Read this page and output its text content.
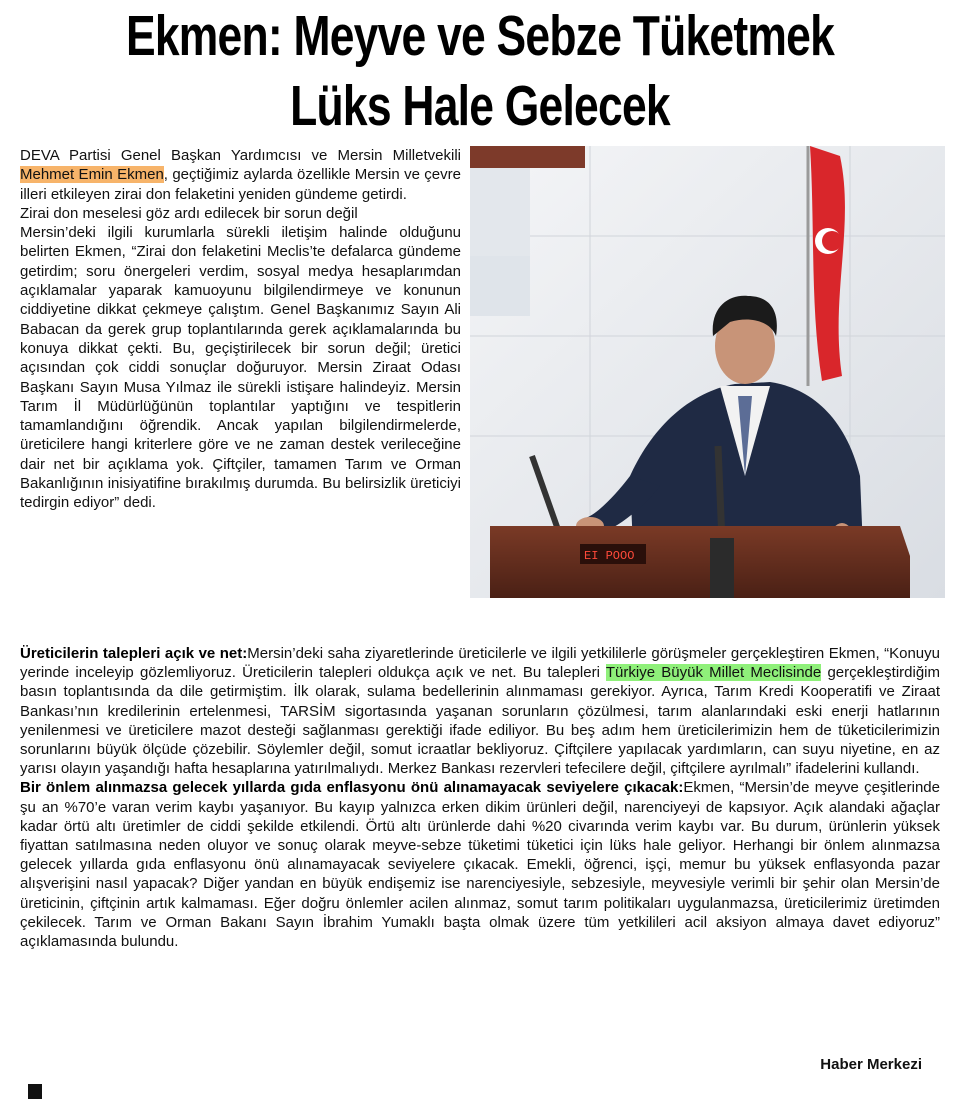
Ekmen: Meyve ve Sebze Tüketmek
Lüks Hale Gelecek

DEVA Partisi Genel Başkan Yardımcısı ve Mersin Milletvekili Mehmet Emin Ekmen, geçtiğimiz aylarda özellikle Mersin ve çevre illeri etkileyen zirai don felaketini yeniden gündeme getirdi.

Zirai don meselesi göz ardı edilecek bir sorun değil

Mersin’deki ilgili kurumlarla sürekli iletişim halinde olduğunu belirten Ekmen, “Zirai don felaketini Meclis’te defalarca gündeme getirdim; soru önergeleri verdim, sosyal medya hesaplarımdan açıklamalar yaparak kamuoyunu bilgilendirmeye ve konunun ciddiyetine dikkat çekmeye çalıştım. Genel Başkanımız Sayın Ali Babacan da gerek grup toplantılarında gerek açıklamalarında bu konuya dikkat çekti. Bu, geçiştirilecek bir sorun değil; üretici açısından çok ciddi sonuçlar doğuruyor. Mersin Ziraat Odası Başkanı Sayın Musa Yılmaz ile sürekli istişare halindeyiz. Mersin Tarım İl Müdürlüğünün toplantılar yaptığını ve tespitlerin tamamlandığını öğrendik. Ancak yapılan bilgilendirmelerde, üreticilere hangi kriterlere göre ve ne zaman destek verileceğine dair net bir açıklama yok. Çiftçiler, tamamen Tarım ve Orman Bakanlığının inisiyatifine bırakılmış durumda. Bu belirsizlik üreticiyi tedirgin ediyor” dedi.

EI POOO

Üreticilerin talepleri açık ve net:Mersin’deki saha ziyaretlerinde üreticilerle ve ilgili yetkililerle görüşmeler gerçekleştiren Ekmen, “Konuyu yerinde inceleyip gözlemliyoruz. Üreticilerin talepleri oldukça açık ve net. Bu talepleri Türkiye Büyük Millet Meclisinde gerçekleştirdiğim basın toplantısında da dile getirmiştim. İlk olarak, sulama bedellerinin alınmaması gerekiyor. Ayrıca, Tarım Kredi Kooperatifi ve Ziraat Bankası’nın kredilerinin ertelenmesi, TARSİM sigortasında yaşanan sorunların çözülmesi, tarım alanlarındaki eski enerji hatlarının yenilenmesi ve üreticilere mazot desteği sağlanması gerektiği ifade ediliyor. Bu beş adım hem üreticilerimizin hem de tüketicilerimizin sorunlarını büyük ölçüde çözebilir. Söylemler değil, somut icraatlar bekliyoruz. Çiftçilere yapılacak yardımların, can suyu niyetine, en az yarısı olayın yaşandığı hafta hesaplarına yatırılmalıydı. Merkez Bankası rezervleri tefecilere değil, çiftçilere ayrılmalı” ifadelerini kullandı.

Bir önlem alınmazsa gelecek yıllarda gıda enflasyonu önü alınamayacak seviyelere çıkacak:Ekmen, “Mersin’de meyve çeşitlerinde şu an %70’e varan verim kaybı yaşanıyor. Bu kayıp yalnızca erken dikim ürünleri değil, narenciyeyi de kapsıyor. Açık alandaki ağaçlar kadar örtü altı üretimler de ciddi şekilde etkilendi. Örtü altı ürünlerde dahi %20 civarında verim kaybı var. Bu durum, ürünlerin yüksek fiyattan satılmasına neden oluyor ve sonuç olarak meyve-sebze tüketimi tüketici için lüks hale geliyor. Herhangi bir önlem alınmazsa gelecek yıllarda gıda enflasyonu önü alınamayacak seviyelere çıkacak. Emekli, öğrenci, işçi, memur bu yüksek enflasyonda pazar alışverişini nasıl yapacak? Diğer yandan en büyük endişemiz ise narenciyesiyle, sebzesiyle, meyvesiyle verimli bir şehir olan Mersin’de üreticinin, çiftçinin artık kalmaması. Eğer doğru önlemler acilen alınmaz, somut tarım politikaları uygulanmazsa, üreticilerimiz üretimden çekilecek. Tarım ve Orman Bakanı Sayın İbrahim Yumaklı başta olmak üzere tüm yetkilileri acil aksiyon almaya davet ediyoruz” açıklamasında bulundu.

Haber Merkezi
